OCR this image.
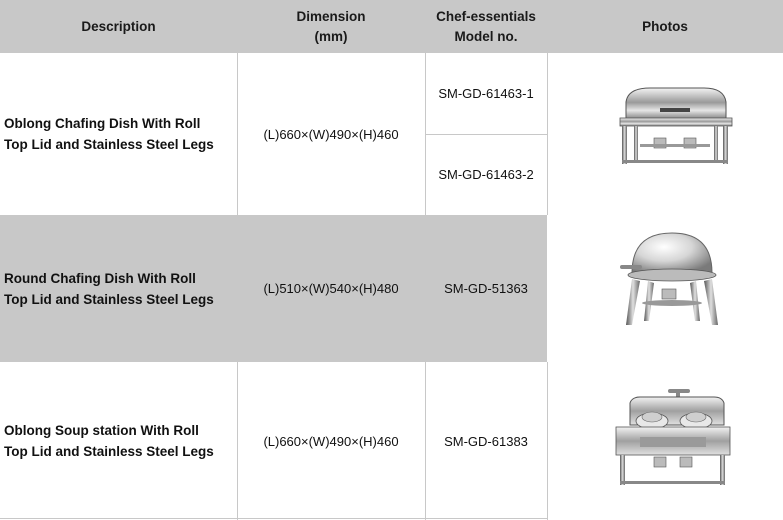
Description
Dimension
(mm)
Chef-essentials
Model no.
Photos
Oblong Chafing Dish With Roll
Top Lid and Stainless Steel Legs
(L)660×(W)490×(H)460
SM-GD-61463-1
SM-GD-61463-2
Round Chafing Dish With Roll
Top Lid and Stainless Steel Legs
(L)510×(W)540×(H)480	SM-GD-51363
Oblong Soup station With Roll
Top Lid and Stainless Steel Legs
(L)660×(W)490×(H)460	SM-GD-61383
